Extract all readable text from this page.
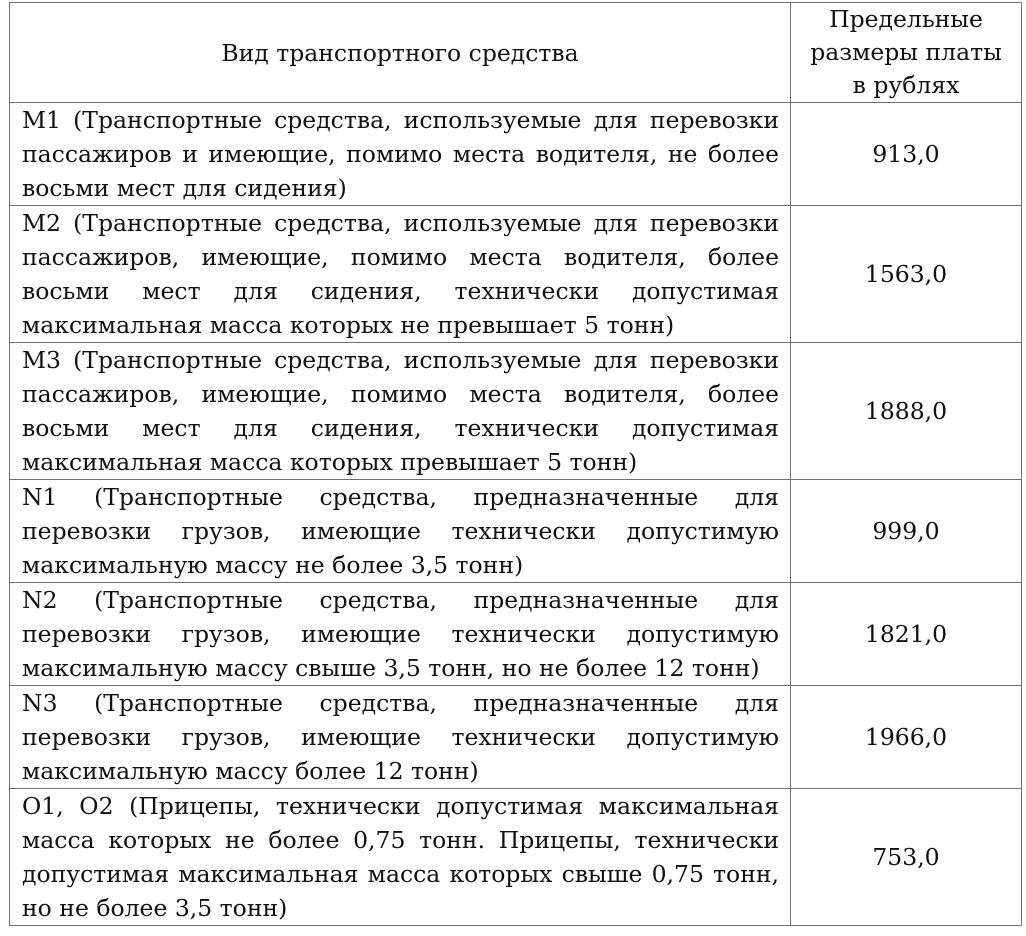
Вид транспортного средства	Предельные размеры платы в рублях
М1 (Транспортные средства, используемые для перевозки пассажиров и имеющие, помимо места водителя, не более восьми мест для сидения)	913,0
М2 (Транспортные средства, используемые для перевозки пассажиров, имеющие, помимо места водителя, более восьми мест для сидения, технически допустимая максимальная масса которых не превышает 5 тонн)	1563,0
М3 (Транспортные средства, используемые для перевозки пассажиров, имеющие, помимо места водителя, более восьми мест для сидения, технически допустимая максимальная масса которых превышает 5 тонн)	1888,0
N1 (Транспортные средства, предназначенные для перевозки грузов, имеющие технически допустимую максимальную массу не более 3,5 тонн)	999,0
N2 (Транспортные средства, предназначенные для перевозки грузов, имеющие технически допустимую максимальную массу свыше 3,5 тонн, но не более 12 тонн)	1821,0
N3 (Транспортные средства, предназначенные для перевозки грузов, имеющие технически допустимую максимальную массу более 12 тонн)	1966,0
О1, О2 (Прицепы, технически допустимая максимальная масса которых не более 0,75 тонн. Прицепы, технически допустимая максимальная масса которых свыше 0,75 тонн, но не более 3,5 тонн)	753,0
